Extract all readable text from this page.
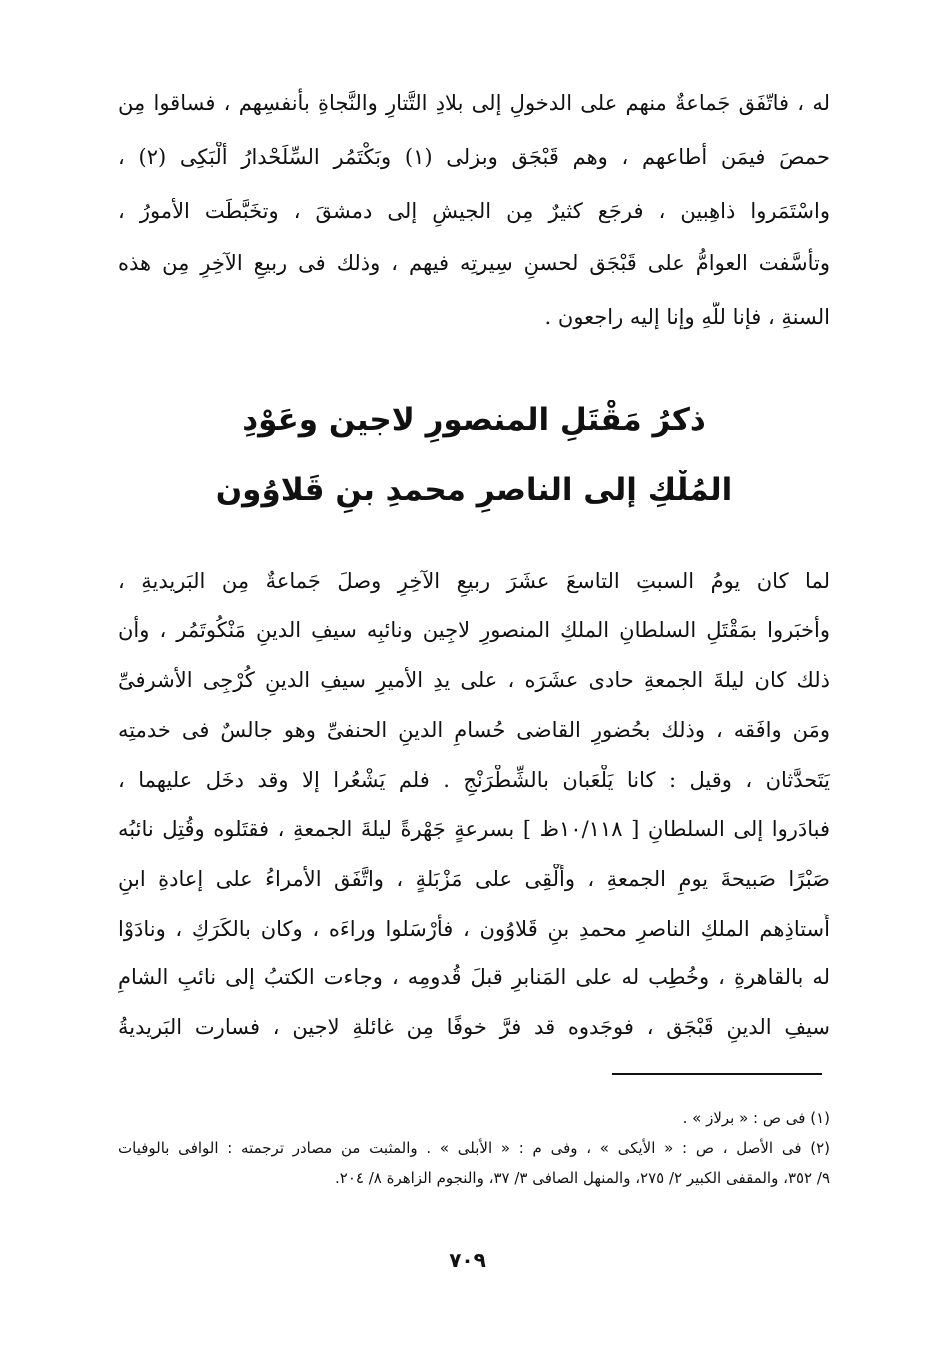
له ، فاتّفَق جَماعةٌ منهم على الدخولِ إلى بلادِ التَّتارِ والنَّجاةِ بأنفسِهم ، فساقوا مِن
حمصَ فيمَن أطاعهم ، وهم قَبْجَق وبزلى (١) وبَكْتَمُر السِّلَحْدارُ ألْبَكِى (٢) ،
واسْتَمَروا ذاهِبين ، فرجَع كثيرٌ مِن الجيشِ إلى دمشقَ ، وتخَبَّطَت الأمورُ ،
وتأسَّفت العوامُّ على قَبْجَق لحسنِ سِيرتِه فيهم ، وذلك فى ربيعِ الآخِرِ مِن هذه
السنةِ ، فإنا للَّهِ وإنا إليه راجعون .
ذكرُ مَقْتَلِ المنصورِ لاجين وعَوْدِ
المُلْكِ إلى الناصرِ محمدِ بنِ قَلاوُون
لما كان يومُ السبتِ التاسعَ عشَرَ ربيعِ الآخِرِ وصلَ جَماعةٌ مِن البَريديةِ ،
وأخبَروا بمَقْتَلِ السلطانِ الملكِ المنصورِ لاجِين ونائبِه سيفِ الدينِ مَنْكُوتَمُر ، وأن
ذلك كان ليلةَ الجمعةِ حادى عشَرَه ، على يدِ الأميرِ سيفِ الدينِ كُرْجِى الأشرفىِّ
ومَن وافَقه ، وذلك بحُضورِ القاضى حُسامِ الدينِ الحنفىِّ وهو جالسٌ فى خدمتِه
يَتَحدَّثان ، وقيل : كانا يَلْعَبان بالشِّطْرَنْجِ . فلم يَشْعُرا إلا وقد دخَل عليهما ،
فبادَروا إلى السلطانِ [ ١٠/١١٨ظ ] بسرعةٍ جَهْرةً ليلةَ الجمعةِ ، فقتَلوه وقُتِل نائبُه
صَبْرًا صَبيحةَ يومِ الجمعةِ ، وأُلْقِى على مَزْبَلةٍ ، واتَّفَق الأمراءُ على إعادةِ ابنِ
أُستاذِهم الملكِ الناصرِ محمدِ بنِ قَلاوُون ، فأرْسَلوا وراءَه ، وكان بالكَرَكِ ، ونادَوْا
له بالقاهرةِ ، وخُطِب له على المَنابرِ قبلَ قُدومِه ، وجاءت الكتبُ إلى نائبِ الشامِ
سيفِ الدينِ قَبْجَق ، فوجَدوه قد فرَّ خوفًا مِن غائلةِ لاجين ، فسارت البَريديةُ
(١) فى ص : « برلاز » .
(٢) فى الأصل ، ص : « الأيكى » ، وفى م : « الأبلى » . والمثبت من مصادر ترجمته : الوافى بالوفيات
٩/ ٣٥٢، والمقفى الكبير ٢/ ٢٧٥، والمنهل الصافى ٣/ ٣٧، والنجوم الزاهرة ٨/ ٢٠٤.
٧٠٩
